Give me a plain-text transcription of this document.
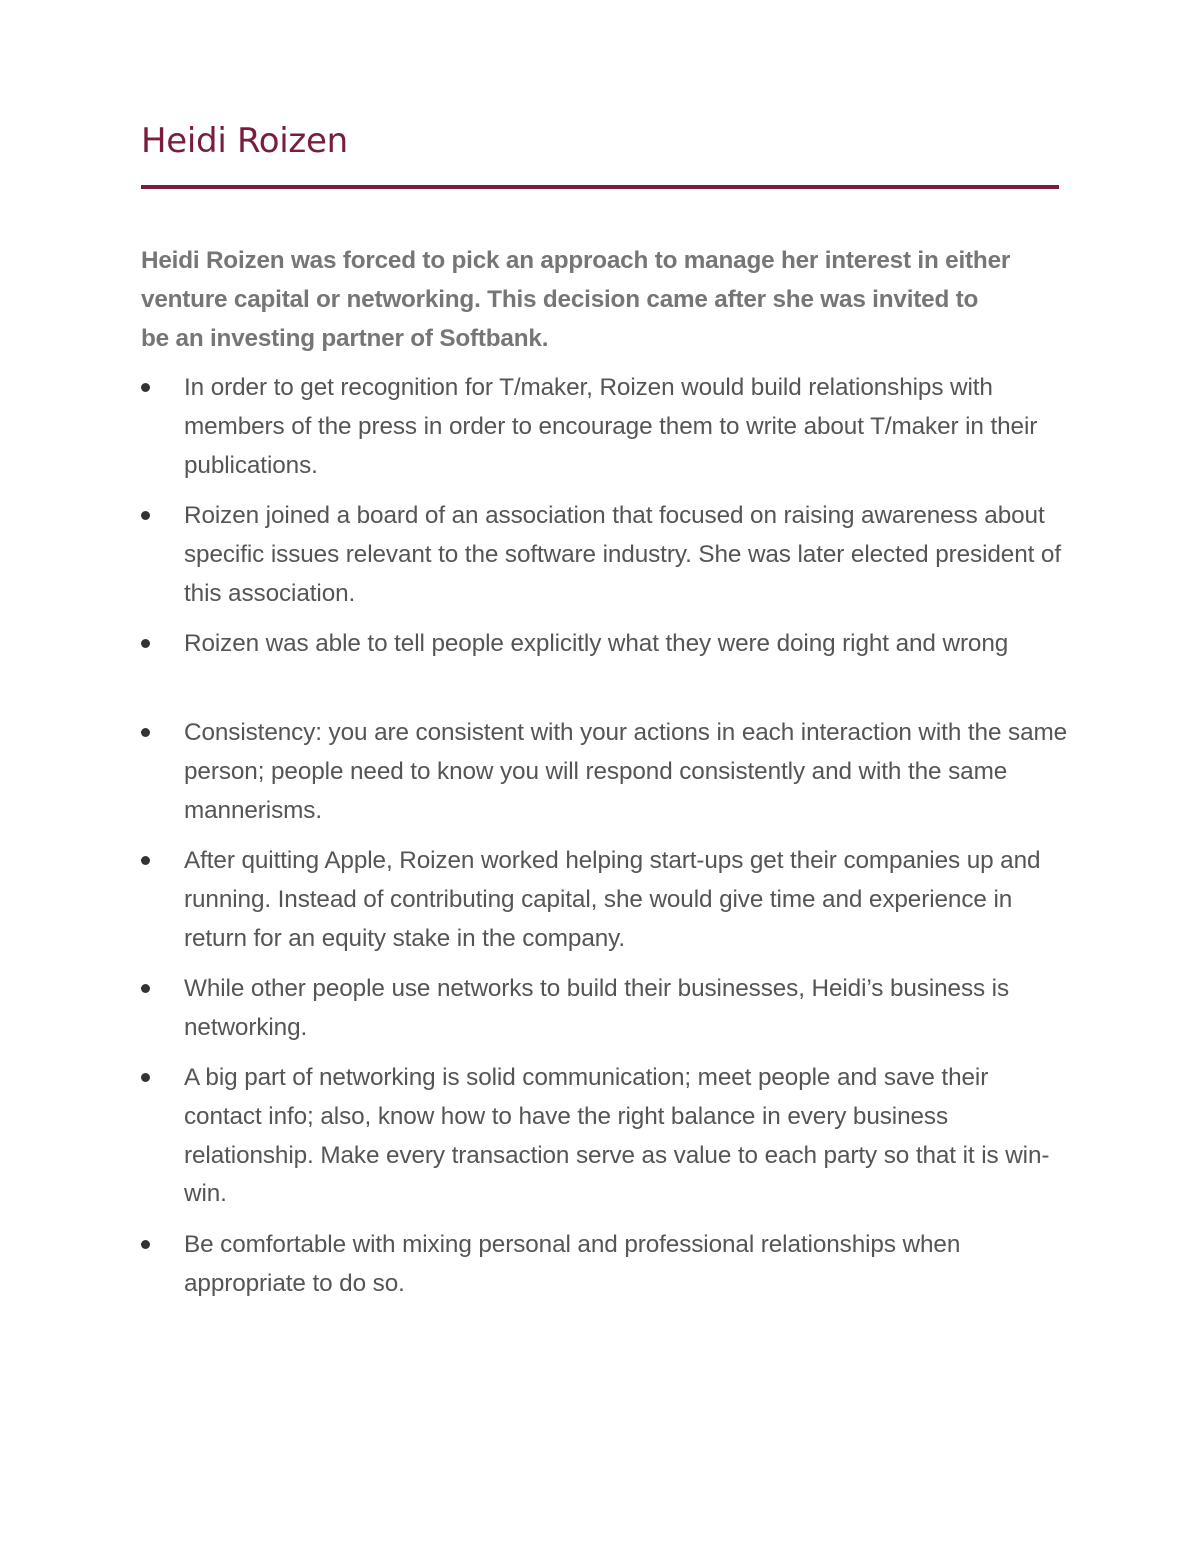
Heidi Roizen

Heidi Roizen was forced to pick an approach to manage her interest in either venture capital or networking. This decision came after she was invited to be an investing partner of Softbank.

In order to get recognition for T/maker, Roizen would build relationships with members of the press in order to encourage them to write about T/maker in their publications.
Roizen joined a board of an association that focused on raising awareness about specific issues relevant to the software industry. She was later elected president of this association.
Roizen was able to tell people explicitly what they were doing right and wrong
Consistency: you are consistent with your actions in each interaction with the same person; people need to know you will respond consistently and with the same mannerisms.
After quitting Apple, Roizen worked helping start-ups get their companies up and running. Instead of contributing capital, she would give time and experience in return for an equity stake in the company.
While other people use networks to build their businesses, Heidi’s business is networking.
A big part of networking is solid communication; meet people and save their contact info; also, know how to have the right balance in every business relationship. Make every transaction serve as value to each party so that it is win-win.
Be comfortable with mixing personal and professional relationships when appropriate to do so.
